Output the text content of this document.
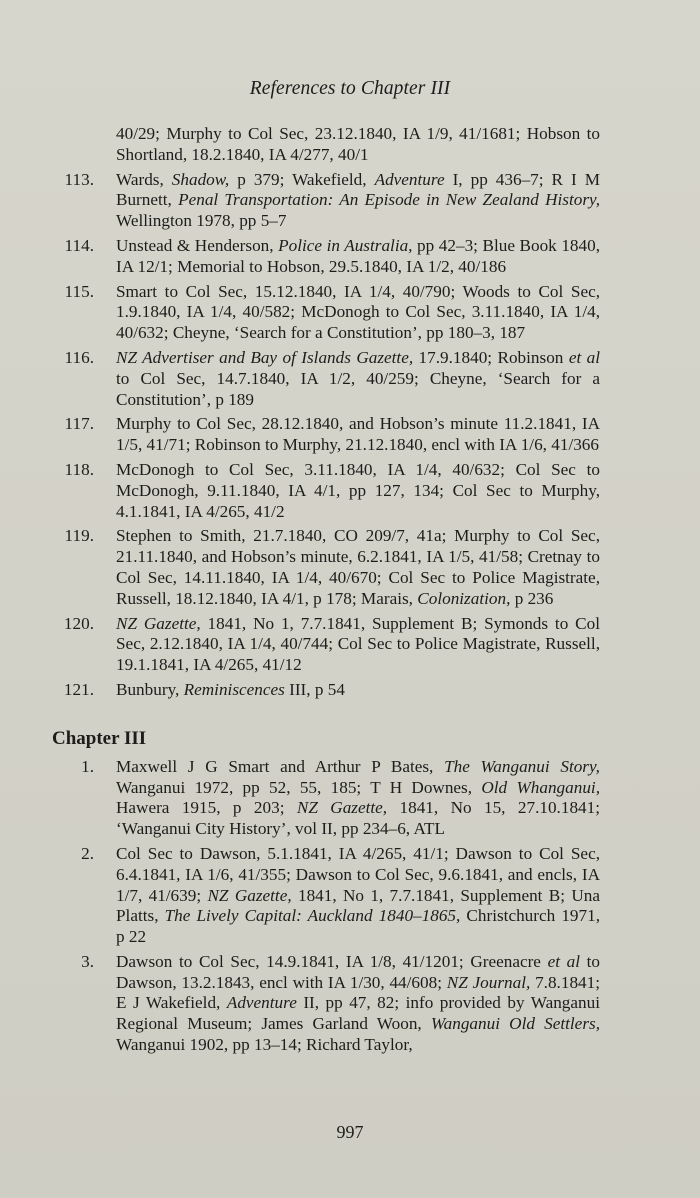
References to Chapter III
40/29; Murphy to Col Sec, 23.12.1840, IA 1/9, 41/1681; Hobson to Shortland, 18.2.1840, IA 4/277, 40/1
113. Wards, Shadow, p 379; Wakefield, Adventure I, pp 436–7; R I M Burnett, Penal Transportation: An Episode in New Zealand History, Wellington 1978, pp 5–7
114. Unstead & Henderson, Police in Australia, pp 42–3; Blue Book 1840, IA 12/1; Memorial to Hobson, 29.5.1840, IA 1/2, 40/186
115. Smart to Col Sec, 15.12.1840, IA 1/4, 40/790; Woods to Col Sec, 1.9.1840, IA 1/4, 40/582; McDonogh to Col Sec, 3.11.1840, IA 1/4, 40/632; Cheyne, ‘Search for a Constitution’, pp 180–3, 187
116. NZ Advertiser and Bay of Islands Gazette, 17.9.1840; Robinson et al to Col Sec, 14.7.1840, IA 1/2, 40/259; Cheyne, ‘Search for a Constitution’, p 189
117. Murphy to Col Sec, 28.12.1840, and Hobson’s minute 11.2.1841, IA 1/5, 41/71; Robinson to Murphy, 21.12.1840, encl with IA 1/6, 41/366
118. McDonogh to Col Sec, 3.11.1840, IA 1/4, 40/632; Col Sec to McDonogh, 9.11.1840, IA 4/1, pp 127, 134; Col Sec to Murphy, 4.1.1841, IA 4/265, 41/2
119. Stephen to Smith, 21.7.1840, CO 209/7, 41a; Murphy to Col Sec, 21.11.1840, and Hobson’s minute, 6.2.1841, IA 1/5, 41/58; Cretnay to Col Sec, 14.11.1840, IA 1/4, 40/670; Col Sec to Police Magistrate, Russell, 18.12.1840, IA 4/1, p 178; Marais, Colonization, p 236
120. NZ Gazette, 1841, No 1, 7.7.1841, Supplement B; Symonds to Col Sec, 2.12.1840, IA 1/4, 40/744; Col Sec to Police Magistrate, Russell, 19.1.1841, IA 4/265, 41/12
121. Bunbury, Reminiscences III, p 54
Chapter III
1. Maxwell J G Smart and Arthur P Bates, The Wanganui Story, Wanganui 1972, pp 52, 55, 185; T H Downes, Old Whanganui, Hawera 1915, p 203; NZ Gazette, 1841, No 15, 27.10.1841; ‘Wanganui City History’, vol II, pp 234–6, ATL
2. Col Sec to Dawson, 5.1.1841, IA 4/265, 41/1; Dawson to Col Sec, 6.4.1841, IA 1/6, 41/355; Dawson to Col Sec, 9.6.1841, and encls, IA 1/7, 41/639; NZ Gazette, 1841, No 1, 7.7.1841, Supplement B; Una Platts, The Lively Capital: Auckland 1840–1865, Christchurch 1971, p 22
3. Dawson to Col Sec, 14.9.1841, IA 1/8, 41/1201; Greenacre et al to Dawson, 13.2.1843, encl with IA 1/30, 44/608; NZ Journal, 7.8.1841; E J Wakefield, Adventure II, pp 47, 82; info provided by Wanganui Regional Museum; James Garland Woon, Wanganui Old Settlers, Wanganui 1902, pp 13–14; Richard Taylor,
997
